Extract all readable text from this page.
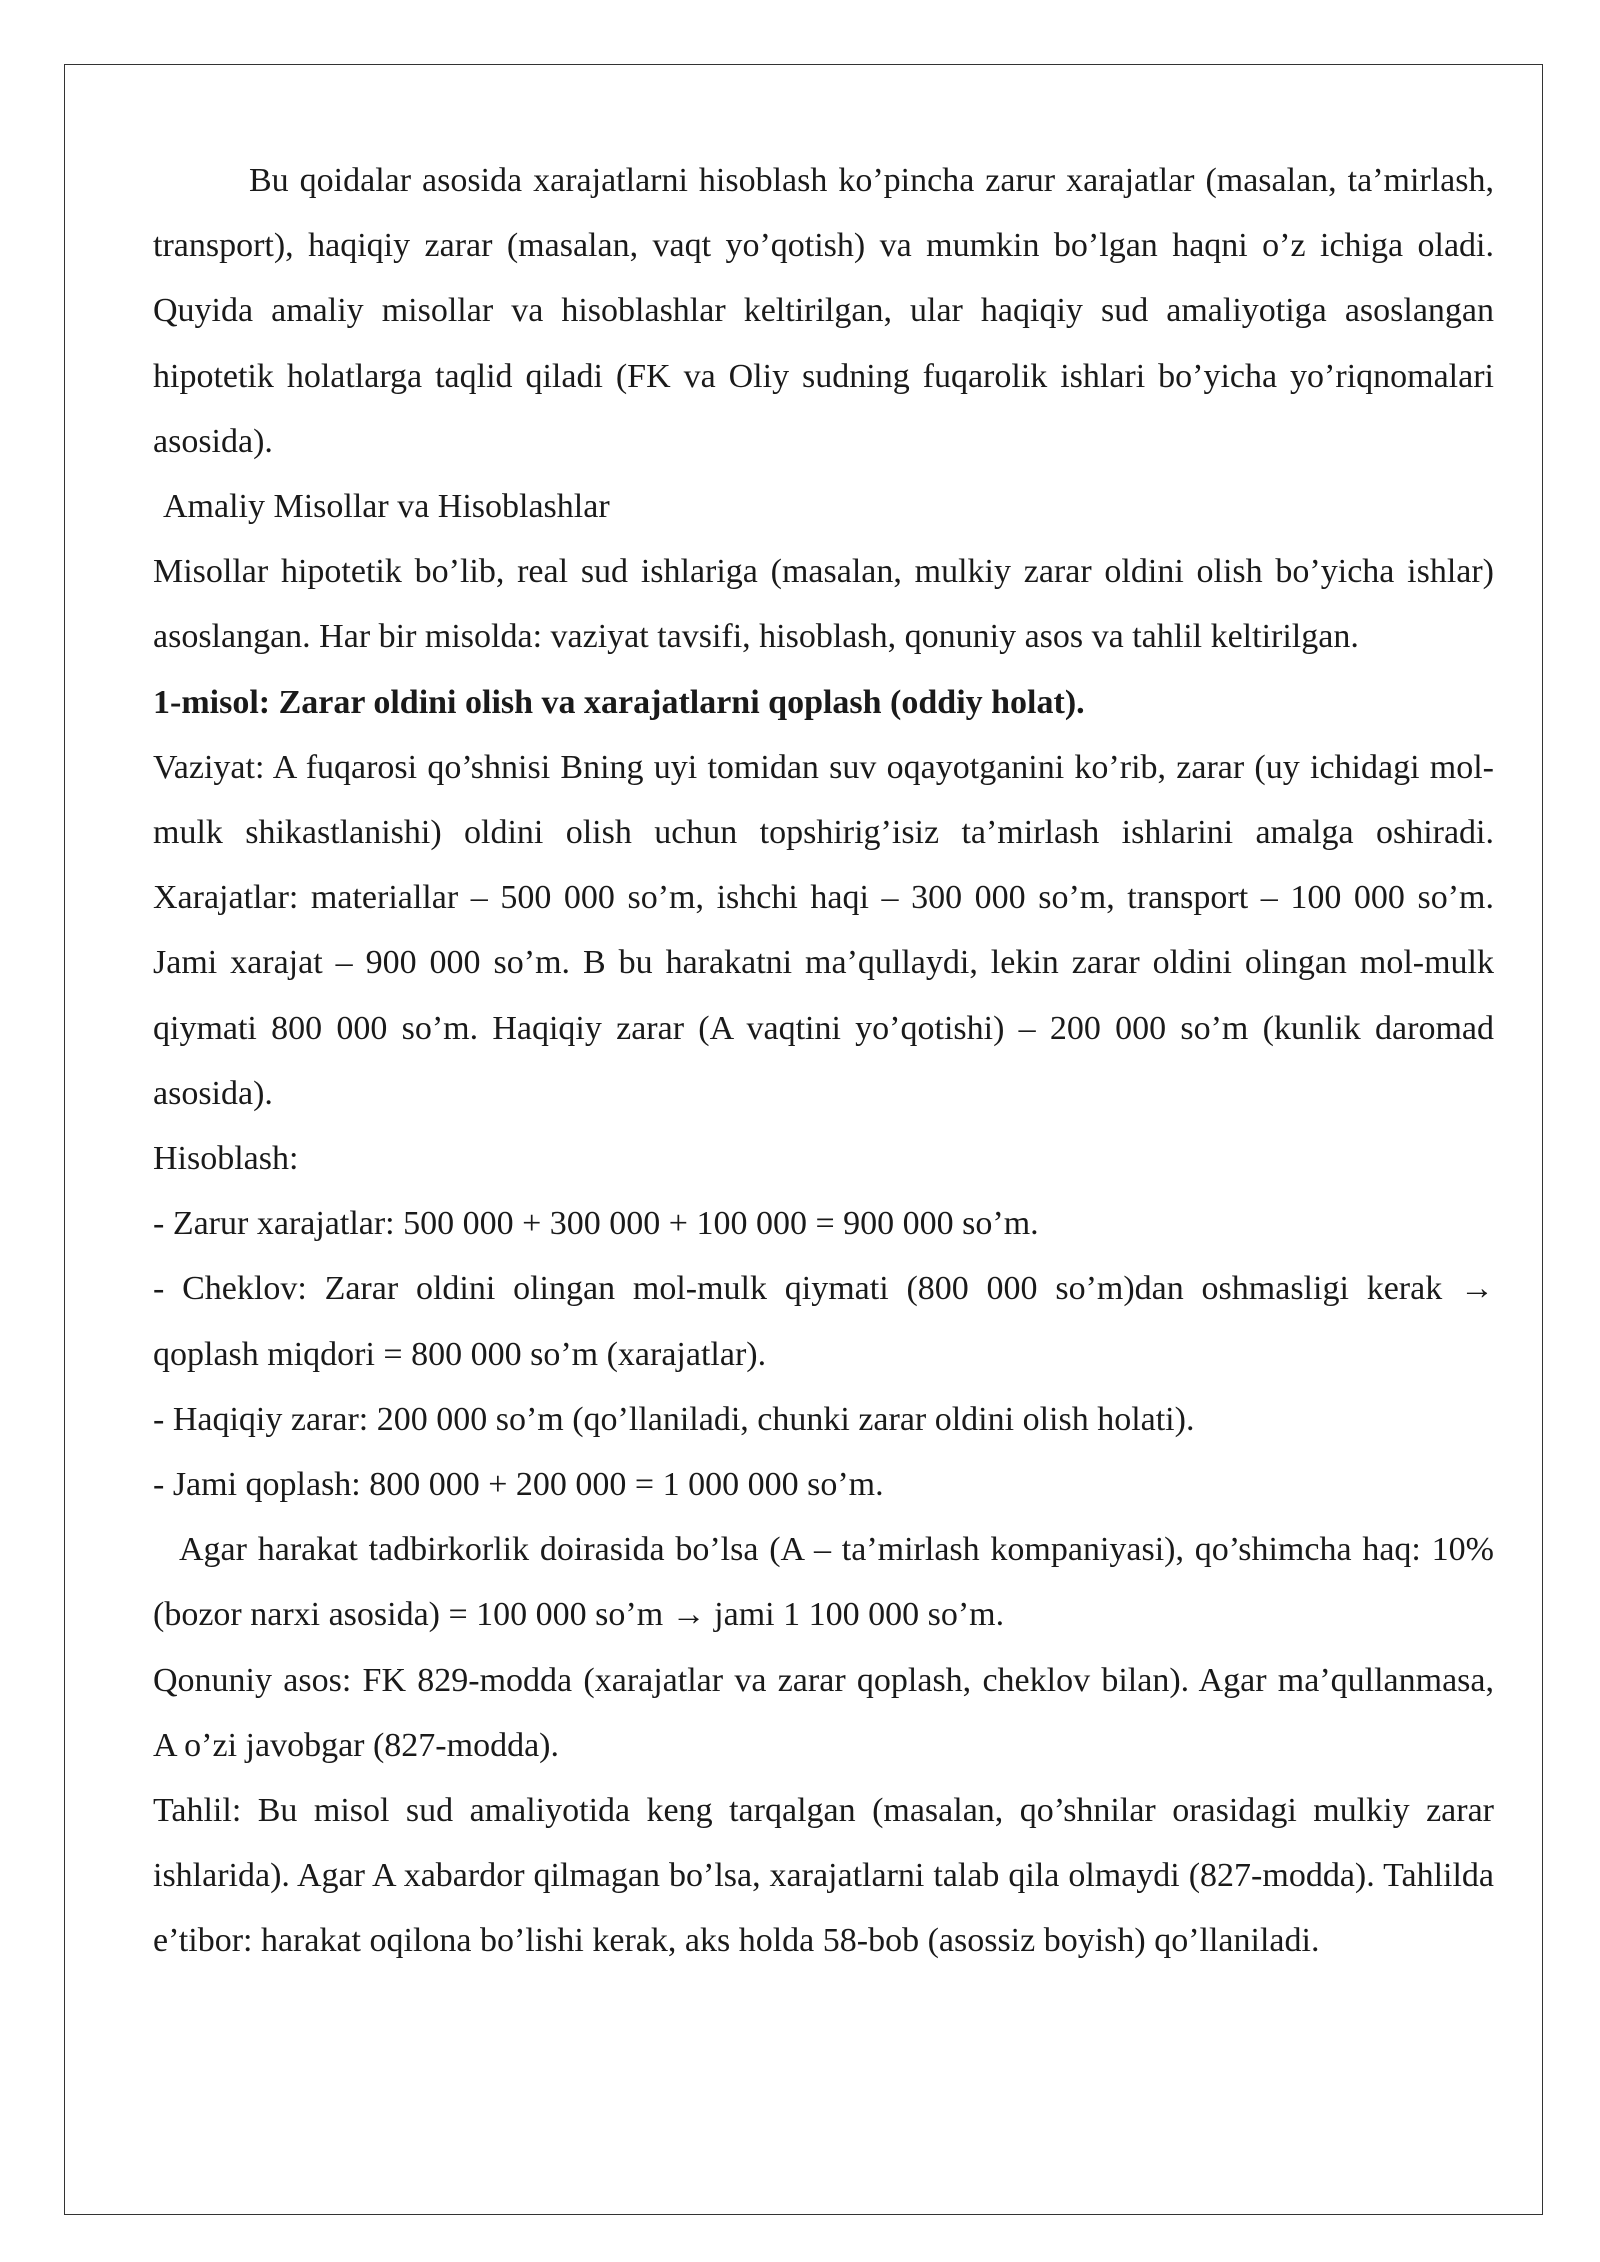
Bu qoidalar asosida xarajatlarni hisoblash ko’pincha zarur xarajatlar (masalan, ta’mirlash, transport), haqiqiy zarar (masalan, vaqt yo’qotish) va mumkin bo’lgan haqni o’z ichiga oladi. Quyida amaliy misollar va hisoblashlar keltirilgan, ular haqiqiy sud amaliyotiga asoslangan hipotetik holatlarga taqlid qiladi (FK va Oliy sudning fuqarolik ishlari bo’yicha yo’riqnomalari asosida).

Amaliy Misollar va Hisoblashlar

Misollar hipotetik bo’lib, real sud ishlariga (masalan, mulkiy zarar oldini olish bo’yicha ishlar) asoslangan. Har bir misolda: vaziyat tavsifi, hisoblash, qonuniy asos va tahlil keltirilgan.

1-misol: Zarar oldini olish va xarajatlarni qoplash (oddiy holat).

Vaziyat: A fuqarosi qo’shnisi Bning uyi tomidan suv oqayotganini ko’rib, zarar (uy ichidagi mol-mulk shikastlanishi) oldini olish uchun topshirig’isiz ta’mirlash ishlarini amalga oshiradi. Xarajatlar: materiallar – 500 000 so’m, ishchi haqi – 300 000 so’m, transport – 100 000 so’m. Jami xarajat – 900 000 so’m. B bu harakatni ma’qullaydi, lekin zarar oldini olingan mol-mulk qiymati 800 000 so’m. Haqiqiy zarar (A vaqtini yo’qotishi) – 200 000 so’m (kunlik daromad asosida).

Hisoblash:

- Zarur xarajatlar: 500 000 + 300 000 + 100 000 = 900 000 so’m.

- Cheklov: Zarar oldini olingan mol-mulk qiymati (800 000 so’m)dan oshmasligi kerak → qoplash miqdori = 800 000 so’m (xarajatlar).

- Haqiqiy zarar: 200 000 so’m (qo’llaniladi, chunki zarar oldini olish holati).

- Jami qoplash: 800 000 + 200 000 = 1 000 000 so’m.

Agar harakat tadbirkorlik doirasida bo’lsa (A – ta’mirlash kompaniyasi), qo’shimcha haq: 10% (bozor narxi asosida) = 100 000 so’m → jami 1 100 000 so’m.

Qonuniy asos: FK 829-modda (xarajatlar va zarar qoplash, cheklov bilan). Agar ma’qullanmasa, A o’zi javobgar (827-modda).

Tahlil: Bu misol sud amaliyotida keng tarqalgan (masalan, qo’shnilar orasidagi mulkiy zarar ishlarida). Agar A xabardor qilmagan bo’lsa, xarajatlarni talab qila olmaydi (827-modda). Tahlilda e’tibor: harakat oqilona bo’lishi kerak, aks holda 58-bob (asossiz boyish) qo’llaniladi.
